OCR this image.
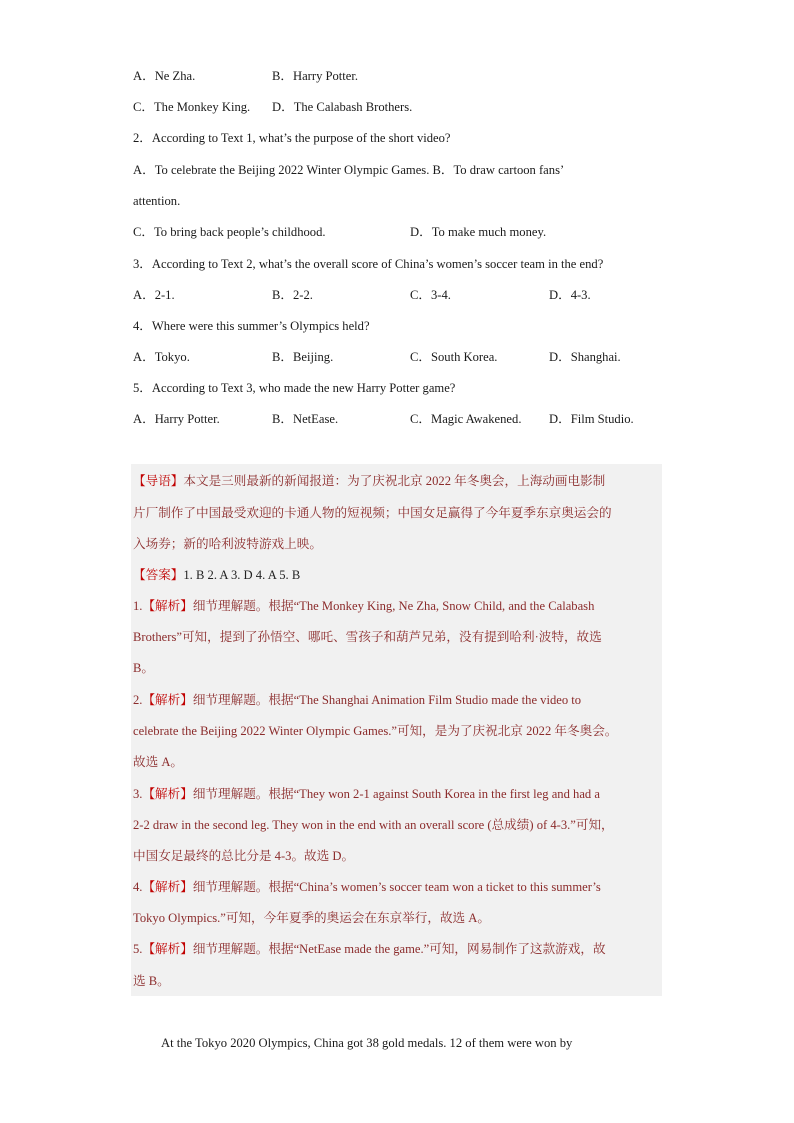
A．Ne Zha.	B．Harry Potter.
C．The Monkey King. D．The Calabash Brothers.
2．According to Text 1, what’s the purpose of the short video?
A．To celebrate the Beijing 2022 Winter Olympic Games. B．To draw cartoon fans’
attention.
C．To bring back people’s childhood.	D．To make much money.
3．According to Text 2, what’s the overall score of China’s women’s soccer team in the end?
A．2-1.	B．2-2.	C．3-4.	D．4-3.
4．Where were this summer’s Olympics held?
A．Tokyo.	B．Beijing.	C．South Korea.	D．Shanghai.
5．According to Text 3, who made the new Harry Potter game?
A．Harry Potter.	B．NetEase.	C．Magic Awakened. D．Film Studio.
【导语】本文是三则最新的新闻报道：为了庆祝北京 2022 年冬奥会，上海动画电影制
片厂制作了中国最受欢迎的卡通人物的短视频；中国女足赢得了今年夏季东京奥运会的
入场券；新的哈利波特游戏上映。
【答案】1. B 2. A 3. D 4. A 5. B
1.【解析】细节理解题。根据“The Monkey King, Ne Zha, Snow Child, and the Calabash
Brothers”可知，提到了孙悟空、哪吒、雪孩子和葫芦兄弟，没有提到哈利·波特，故选
B。
2.【解析】细节理解题。根据“The Shanghai Animation Film Studio made the video to
celebrate the Beijing 2022 Winter Olympic Games.”可知，是为了庆祝北京 2022 年冬奥会。
故选 A。
3.【解析】细节理解题。根据“They won 2-1 against South Korea in the first leg and had a
2-2 draw in the second leg. They won in the end with an overall score (总成绩) of 4-3.”可知，
中国女足最终的总比分是 4-3。故选 D。
4.【解析】细节理解题。根据“China’s women’s soccer team won a ticket to this summer’s
Tokyo Olympics.”可知，今年夏季的奥运会在东京举行，故选 A。
5.【解析】细节理解题。根据“NetEase made the game.”可知，网易制作了这款游戏，故
选 B。
At the Tokyo 2020 Olympics, China got 38 gold medals. 12 of them were won by
